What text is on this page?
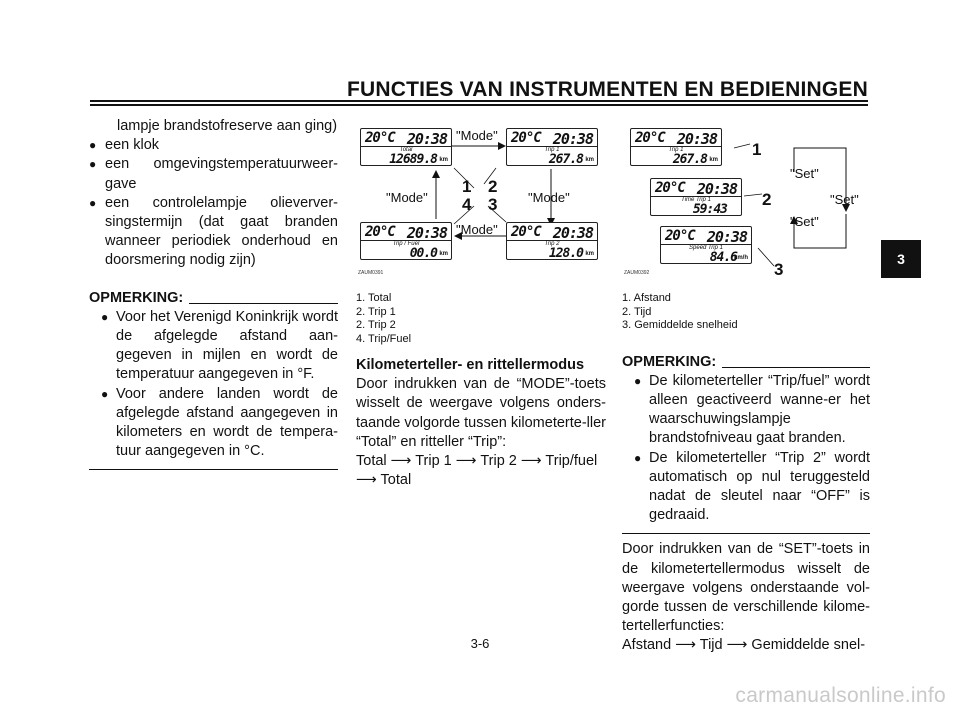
FUNCTIES VAN INSTRUMENTEN EN BEDIENINGEN
3
lampje brandstofreserve aan ging)
● een klok
● een omgevingstemperatuurweer-gave
● een controlelampje olieverver-singstermijn (dat gaat branden wanneer periodiek onderhoud en doorsmering nodig zijn)
OPMERKING:
● Voor het Verenigd Koninkrijk wordt de afgelegde afstand aan-gegeven in mijlen en wordt de temperatuur aangegeven in °F.
● Voor andere landen wordt de afgelegde afstand aangegeven in kilometers en wordt de tempera-tuur aangegeven in °C.
20°C 20:38
Total
12689.8 km
20°C 20:38
Trip 1
267.8 km
20°C 20:38
Trip / Fuel
00.0 km
20°C 20:38
Trip 2
128.0 km
"Mode"
"Mode"	"Mode"
"Mode"
1 2
4 3
ZAUM0391
20°C 20:38
Trip 1
267.8 km
20°C 20:38
Time Trip 1
59:43
20°C 20:38
Speed Trip 1
84.6
km/h
"Set"
"Set"
"Set"
1
2
3
ZAUM0392
1. Total
2. Trip 1
2. Trip 2
4. Trip/Fuel
Kilometerteller- en rittellermodus
Door indrukken van de “MODE”-toets wisselt de weergave volgens onders-taande volgorde tussen kilometerte-ller “Total” en ritteller “Trip”:
Total ⟶ Trip 1 ⟶ Trip 2 ⟶ Trip/fuel ⟶ Total
1. Afstand
2. Tijd
3. Gemiddelde snelheid
OPMERKING:
● De kilometerteller “Trip/fuel” wordt alleen geactiveerd wanne-er het waarschuwingslampje brandstofniveau gaat branden.
● De kilometerteller “Trip 2” wordt automatisch op nul teruggesteld nadat de sleutel naar “OFF” is gedraaid.
Door indrukken van de “SET”-toets in de kilometertellermodus wisselt de weergave volgens onderstaande vol-gorde tussen de verschillende kilome-tertellerfuncties:
Afstand ⟶ Tijd ⟶ Gemiddelde snel-
3-6
carmanualsonline.info
